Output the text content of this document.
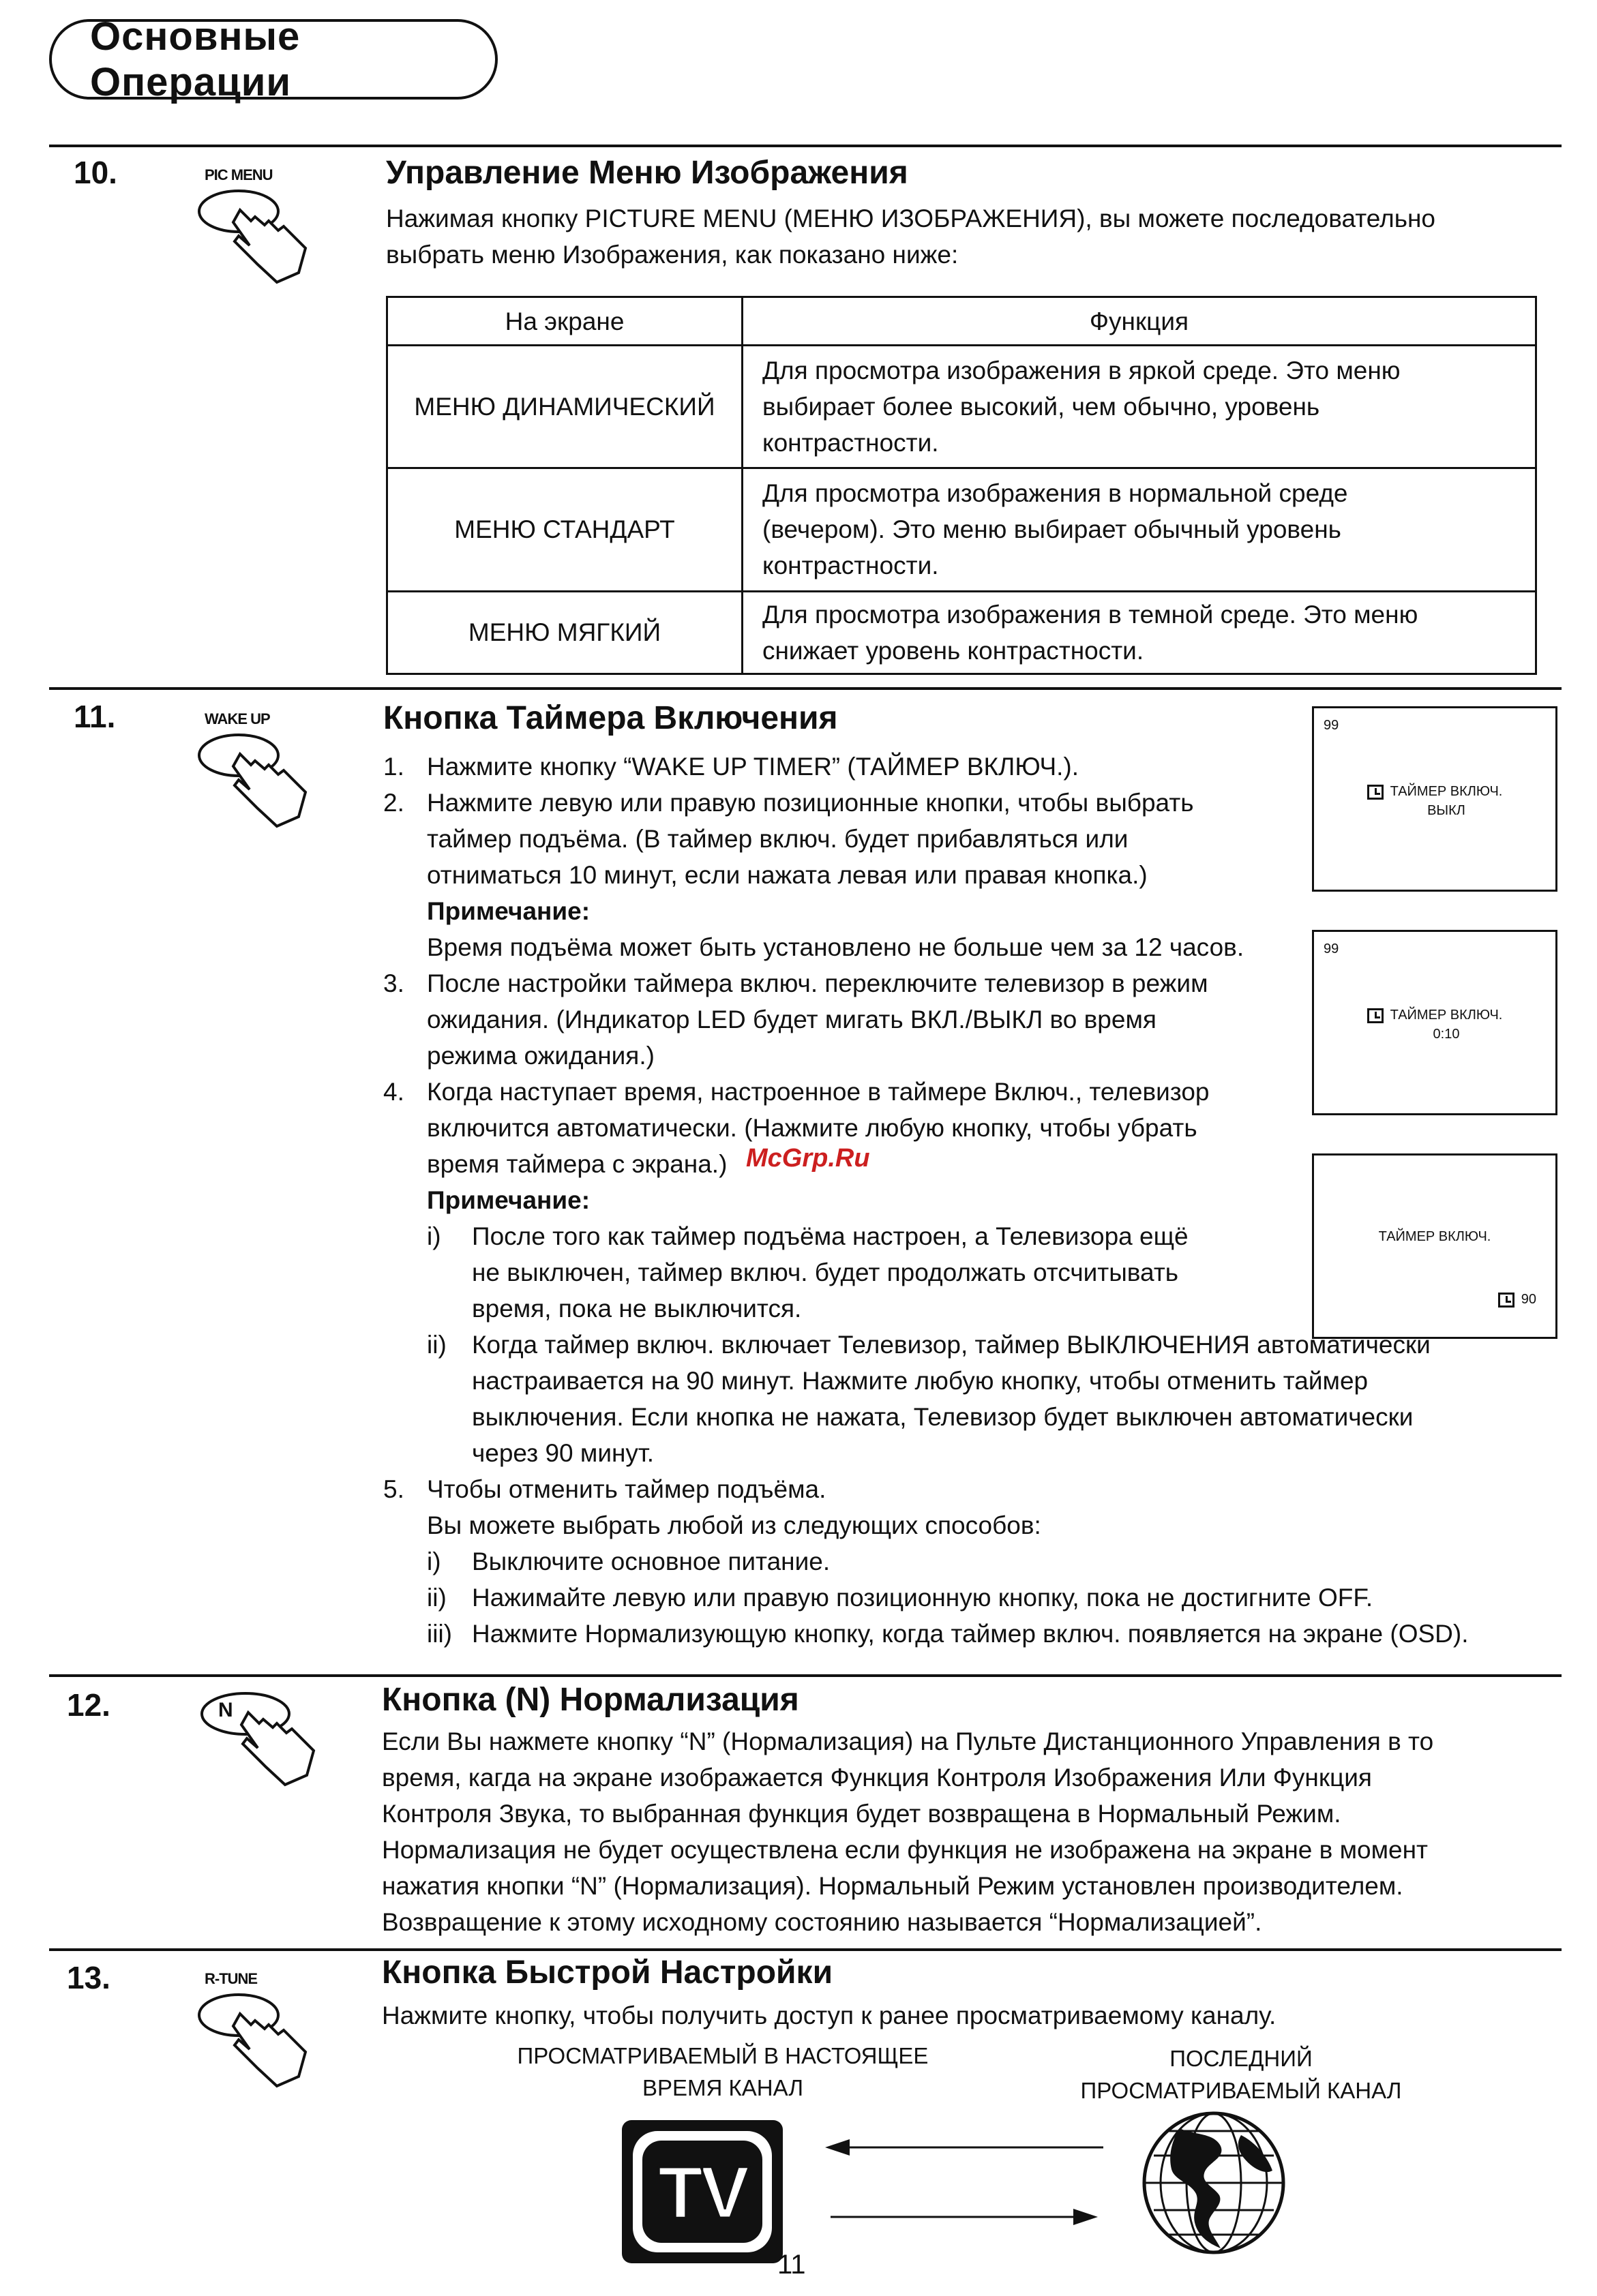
Основные Операции
10.	PIC MENU	Управление Меню Изображения
Нажимая кнопку PICTURE MENU (МЕНЮ ИЗОБРАЖЕНИЯ), вы можете последовательно
выбрать меню Изображения, как показано ниже:
На экране	Функция
МЕНЮ ДИНАМИЧЕСКИЙ	Для просмотра изображения в яркой среде. Это меню
выбирает более высокий, чем обычно, уровень
контрастности.

МЕНЮ СТАНДАРТ	Для просмотра изображения в нормальной среде
(вечером). Это меню выбирает обычный уровень
контрастности.

МЕНЮ МЯГКИЙ	Для просмотра изображения в темной среде. Это меню
снижает уровень контрастности.
11.	WAKE UP	Кнопка Таймера Включения
1. Нажмите кнопку “WAKE UP TIMER” (ТАЙМЕР ВКЛЮЧ.).
2. Нажмите левую или правую позиционные кнопки, чтобы выбрать
таймер подъёма. (В таймер включ. будет прибавляться или
отниматься 10 минут, если нажата левая или правая кнопка.)
Примечание:
Время подъёма может быть установлено не больше чем за 12 часов.
3. После настройки таймера включ. переключите телевизор в режим
ожидания. (Индикатор LED будет мигать ВКЛ./ВЫКЛ во время
режима ожидания.)
4. Когда наступает время, настроенное в таймере Включ., телевизор
включится автоматически. (Нажмите любую кнопку, чтобы убрать
время таймера с экрана.)
Примечание:
i) После того как таймер подъёма настроен, а Телевизора ещё
не выключен, таймер включ. будет продолжать отсчитывать
время, пока не выключится.
ii) Когда таймер включ. включает Телевизор, таймер ВЫКЛЮЧЕНИЯ автоматически
настраивается на 90 минут. Нажмите любую кнопку, чтобы отменить таймер
выключения. Если кнопка не нажата, Телевизор будет выключен автоматически
через 90 минут.
5. Чтобы отменить таймер подъёма.
Вы можете выбрать любой из следующих способов:
i) Выключите основное питание.
ii) Нажимайте левую или правую позиционную кнопку, пока не достигните OFF.
iii) Нажмите Нормализующую кнопку, когда таймер включ. появляется на экране (OSD).
99
ТАЙМЕР ВКЛЮЧ.
ВЫКЛ
99
ТАЙМЕР ВКЛЮЧ.
0:10
ТАЙМЕР ВКЛЮЧ.
90
McGrp.Ru
12.	N	Кнопка (N) Нормализация
Если Вы нажмете кнопку “N” (Нормализация) на Пульте Дистанционного Управления в то
время, кагда на экране изображается Функция Контроля Изображения Или Функция
Контроля Звука, то выбранная функция будет возвращена в Нормальный Режим.
Нормализация не будет осуществлена если функция не изображена на экране в момент
нажатия кнопки “N” (Нормализация). Нормальный Режим установлен производителем.
Возвращение к этому исходному состоянию называется “Нормализацией”.
13.	R-TUNE	Кнопка Быстрой Настройки
Нажмите кнопку, чтобы получить доступ к ранее просматриваемому каналу.
ПРОСМАТРИВАЕМЫЙ В НАСТОЯЩЕЕ
ВРЕМЯ КАНАЛ
ПОСЛЕДНИЙ
ПРОСМАТРИВАЕМЫЙ КАНАЛ
TV
11
